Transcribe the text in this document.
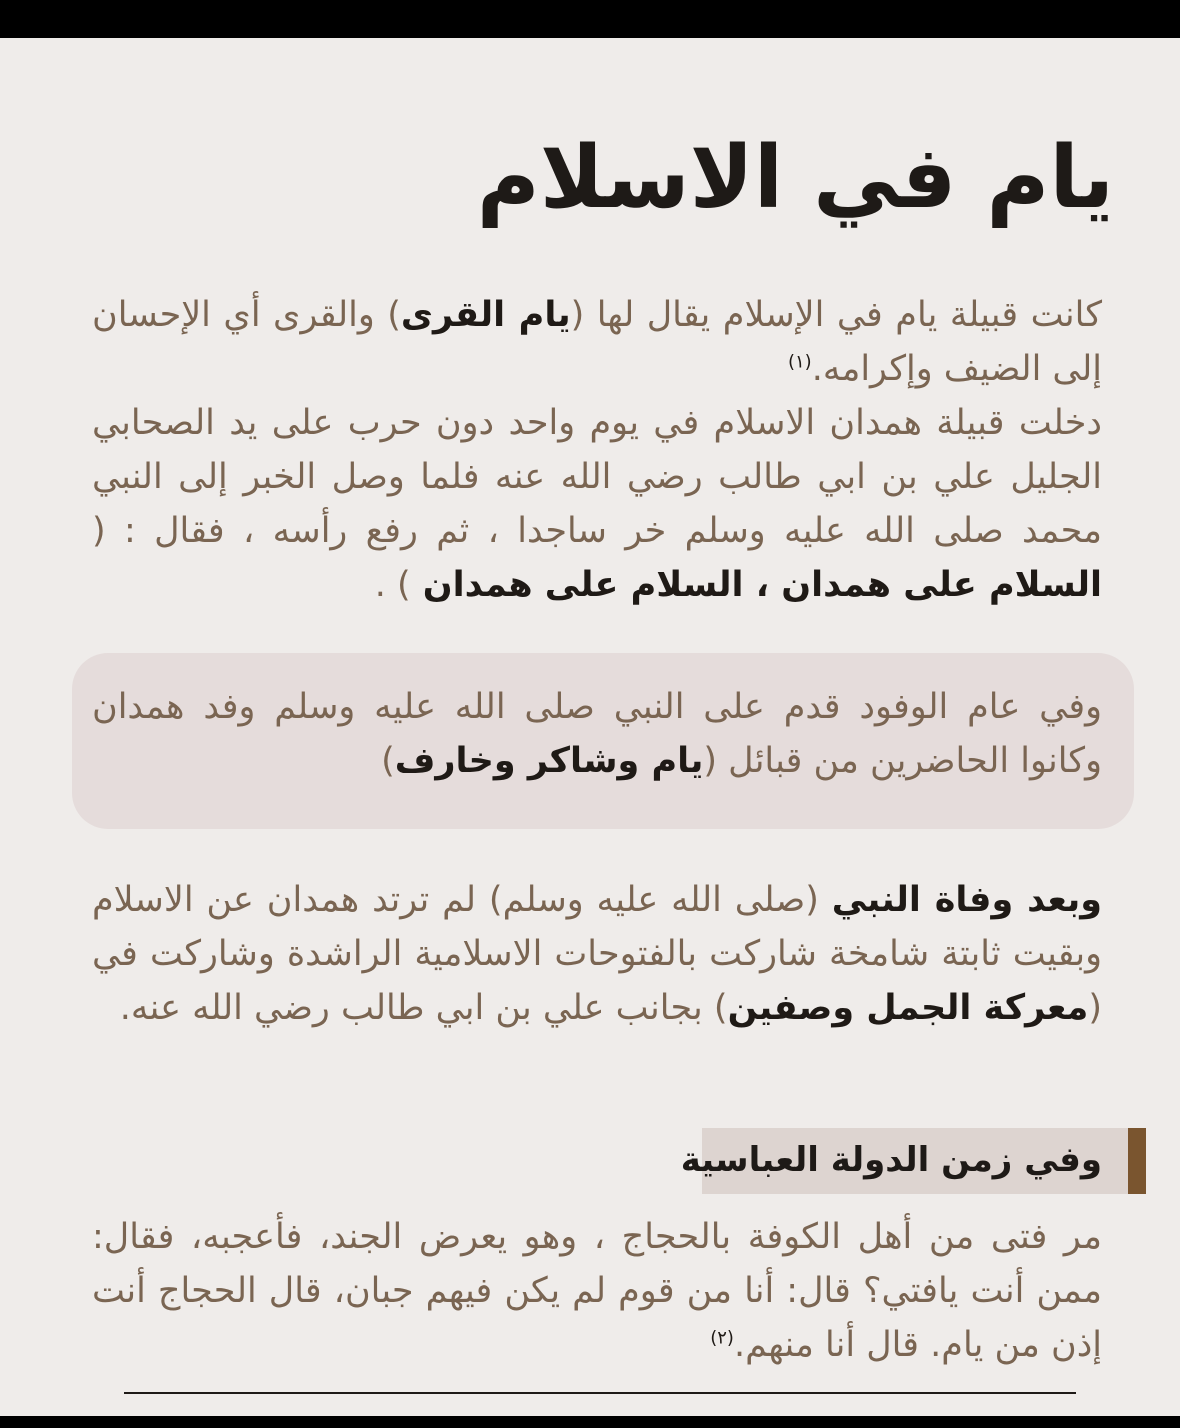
يام في الاسلام

كانت قبيلة يام في الإسلام يقال لها (يام القرى) والقرى أي الإحسان إلى الضيف وإكرامه.$^{(١)}$

دخلت قبيلة همدان الاسلام في يوم واحد دون حرب على يد الصحابي الجليل علي بن ابي طالب رضي الله عنه فلما وصل الخبر إلى النبي محمد صلى الله عليه وسلم خر ساجدا ، ثم رفع رأسه ، فقال : ( السلام على همدان ، السلام على همدان ) .

وفي عام الوفود قدم على النبي صلى الله عليه وسلم وفد همدان وكانوا الحاضرين من قبائل (يام وشاكر وخارف)

وبعد وفاة النبي (صلى الله عليه وسلم) لم ترتد همدان عن الاسلام وبقيت ثابتة شامخة شاركت بالفتوحات الاسلامية الراشدة وشاركت في (معركة الجمل وصفين) بجانب علي بن ابي طالب رضي الله عنه.

وفي زمن الدولة العباسية

مر فتى من أهل الكوفة بالحجاج ، وهو يعرض الجند، فأعجبه، فقال: ممن أنت يافتي؟ قال: أنا من قوم لم يكن فيهم جبان، قال الحجاج أنت إذن من يام. قال أنا منهم.$^{(٢)}$
